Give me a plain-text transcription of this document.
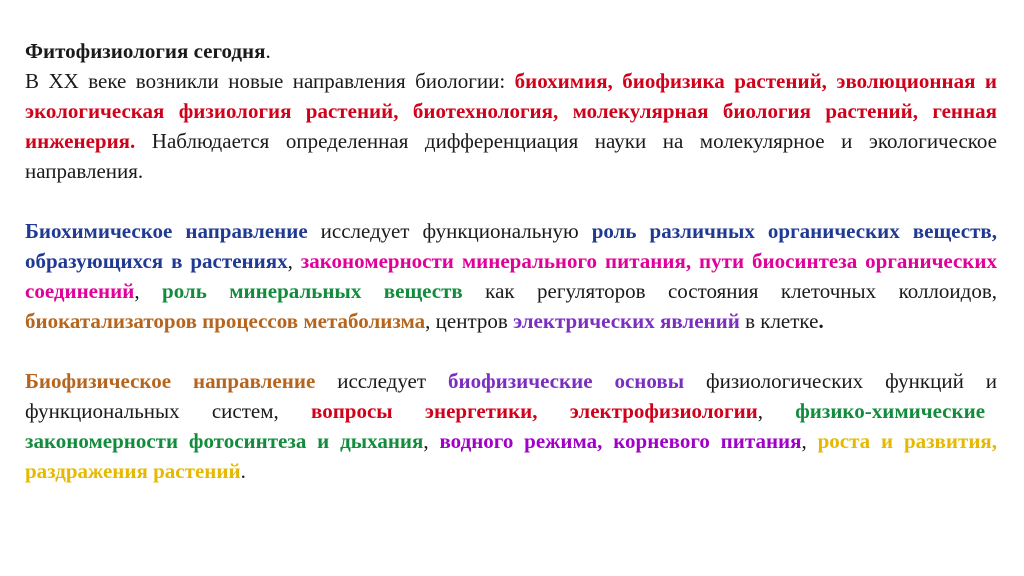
Фитофизиология сегодня.
В XX веке возникли новые направления биологии: биохимия, биофизика растений, эволюционная и экологическая физиология растений, биотехнология, молекулярная биология растений, генная инженерия. Наблюдается определенная дифференциация науки на молекулярное и экологическое направления.

Биохимическое направление исследует функциональную роль различных органических веществ, образующихся в растениях, закономерности минерального питания, пути биосинтеза органических соединений, роль минеральных веществ как регуляторов состояния клеточных коллоидов, биокатализаторов процессов метаболизма, центров электрических явлений в клетке.

Биофизическое направление исследует биофизические основы физиологических функций и функциональных систем, вопросы энергетики, электрофизиологии, физико-химические закономерности фотосинтеза и дыхания, водного режима, корневого питания, роста и развития, раздражения растений.
